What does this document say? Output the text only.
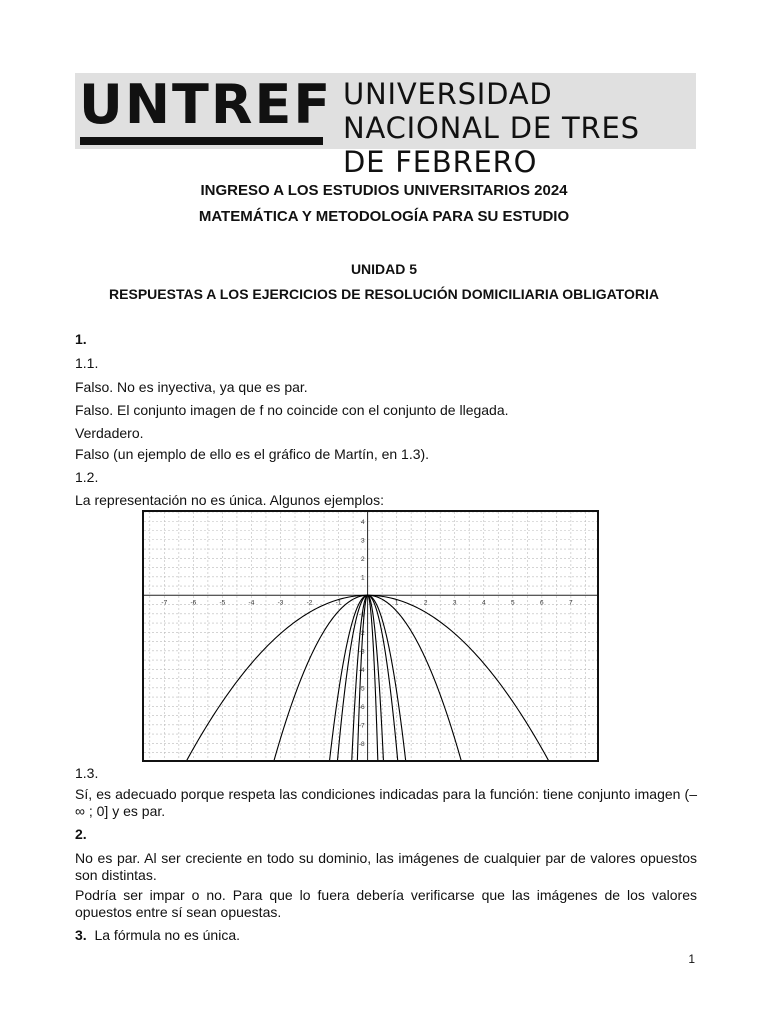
UNTREF UNIVERSIDAD NACIONAL DE TRES DE FEBRERO
INGRESO A LOS ESTUDIOS UNIVERSITARIOS 2024
MATEMÁTICA Y METODOLOGÍA PARA SU ESTUDIO
UNIDAD 5
RESPUESTAS A LOS EJERCICIOS DE RESOLUCIÓN DOMICILIARIA OBLIGATORIA
1.
1.1.
Falso. No es inyectiva, ya que es par.
Falso. El conjunto imagen de f no coincide con el conjunto de llegada.
Verdadero.
Falso (un ejemplo de ello es el gráfico de Martín, en 1.3).
1.2.
La representación no es única. Algunos ejemplos:
-7	-6	-5	-4	-3	-2	-1	1	2	3	4	5	6	7
4
3
2
1
-1
-2
-3
-4
-5
-6
-7
-8
1.3.
Sí, es adecuado porque respeta las condiciones indicadas para la función: tiene conjunto imagen (– ∞ ; 0] y es par.
2.
No es par. Al ser creciente en todo su dominio, las imágenes de cualquier par de valores opuestos son distintas.
Podría ser impar o no. Para que lo fuera debería verificarse que las imágenes de los valores opuestos entre sí sean opuestas.
3. La fórmula no es única.
1
